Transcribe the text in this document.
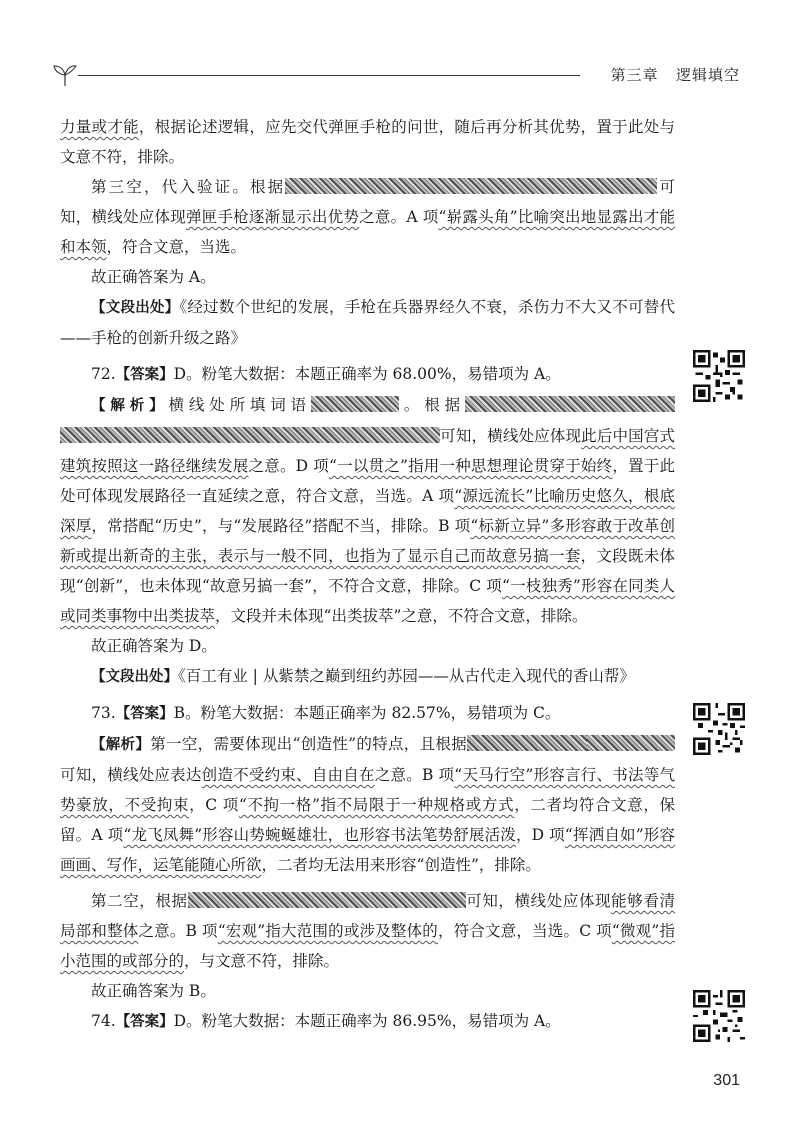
第三章 逻辑填空

力量或才能，根据论述逻辑，应先交代弹匣手枪的问世，随后再分析其优势，置于此处与文意不符，排除。

第三空，代入验证。根据	可知，横线处应体现弹匣手枪逐渐显示出优势之意。A 项“崭露头角”比喻突出地显露出才能和本领，符合文意，当选。

故正确答案为 A。

【文段出处】《经过数个世纪的发展，手枪在兵器界经久不衰，杀伤力不大又不可替代——手枪的创新升级之路》

72.【答案】D。粉笔大数据：本题正确率为 68.00%，易错项为 A。

【解析】横线处所填词语	。根据可知，横线处应体现此后中国宫式建筑按照这一路径继续发展之意。D 项“一以贯之”指用一种思想理论贯穿于始终，置于此处可体现发展路径一直延续之意，符合文意，当选。A 项“源远流长”比喻历史悠久，根底深厚，常搭配“历史”，与“发展路径”搭配不当，排除。B 项“标新立异”多形容敢于改革创新或提出新奇的主张，表示与一般不同，也指为了显示自己而故意另搞一套，文段既未体现“创新”，也未体现“故意另搞一套”，不符合文意，排除。C 项“一枝独秀”形容在同类人或同类事物中出类拔萃，文段并未体现“出类拔萃”之意，不符合文意，排除。

故正确答案为 D。

【文段出处】《百工有业 | 从紫禁之巅到纽约苏园——从古代走入现代的香山帮》

73.【答案】B。粉笔大数据：本题正确率为 82.57%，易错项为 C。

【解析】第一空，需要体现出“创造性”的特点，且根据可知，横线处应表达创造不受约束、自由自在之意。B 项“天马行空”形容言行、书法等气势豪放，不受拘束，C 项“不拘一格”指不局限于一种规格或方式，二者均符合文意，保留。A 项“龙飞凤舞”形容山势蜿蜒雄壮，也形容书法笔势舒展活泼，D 项“挥洒自如”形容画画、写作，运笔能随心所欲，二者均无法用来形容“创造性”，排除。

第二空，根据	可知，横线处应体现能够看清局部和整体之意。B 项“宏观”指大范围的或涉及整体的，符合文意，当选。C 项“微观”指小范围的或部分的，与文意不符，排除。

故正确答案为 B。

74.【答案】D。粉笔大数据：本题正确率为 86.95%，易错项为 A。

301
